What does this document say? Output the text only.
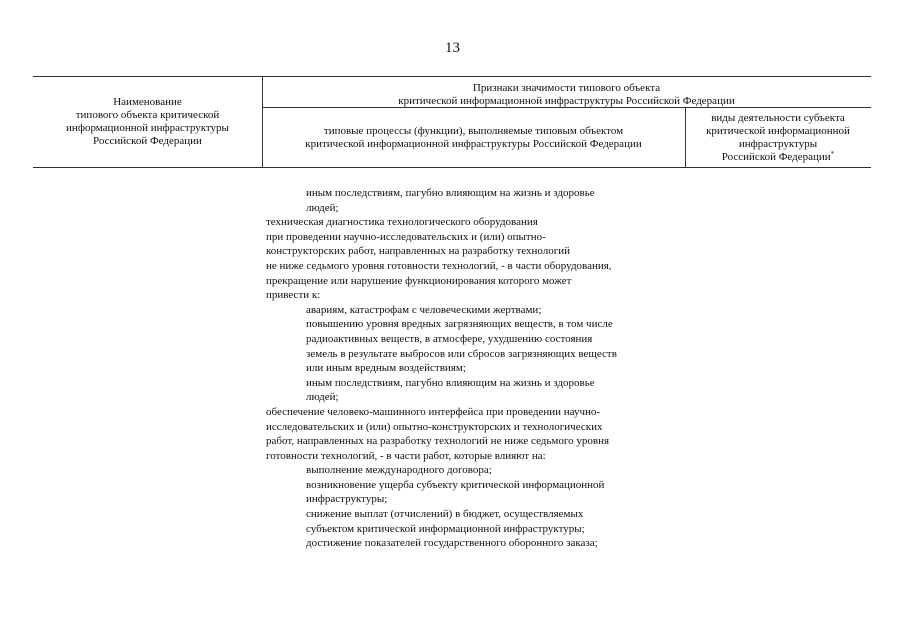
13
Наименование
типового объекта критической
информационной инфраструктуры
Российской Федерации
Признаки значимости типового объекта
критической информационной инфраструктуры Российской Федерации
типовые процессы (функции), выполняемые типовым объектом
критической информационной инфраструктуры Российской Федерации
виды деятельности субъекта
критической информационной
инфраструктуры
Российской Федерации*
иным последствиям, пагубно влияющим на жизнь и здоровье
людей;
техническая диагностика технологического оборудования
при проведении научно-исследовательских и (или) опытно-
конструкторских работ, направленных на разработку технологий
не ниже седьмого уровня готовности технологий, - в части оборудования,
прекращение или нарушение функционирования которого может
привести к:
авариям, катастрофам с человеческими жертвами;
повышению уровня вредных загрязняющих веществ, в том числе
радиоактивных веществ, в атмосфере, ухудшению состояния
земель в результате выбросов или сбросов загрязняющих веществ
или иным вредным воздействиям;
иным последствиям, пагубно влияющим на жизнь и здоровье
людей;
обеспечение человеко-машинного интерфейса при проведении научно-
исследовательских и (или) опытно-конструкторских и технологических
работ, направленных на разработку технологий не ниже седьмого уровня
готовности технологий, - в части работ, которые влияют на:
выполнение международного договора;
возникновение ущерба субъекту критической информационной
инфраструктуры;
снижение выплат (отчислений) в бюджет, осуществляемых
субъектом критической информационной инфраструктуры;
достижение показателей государственного оборонного заказа;
